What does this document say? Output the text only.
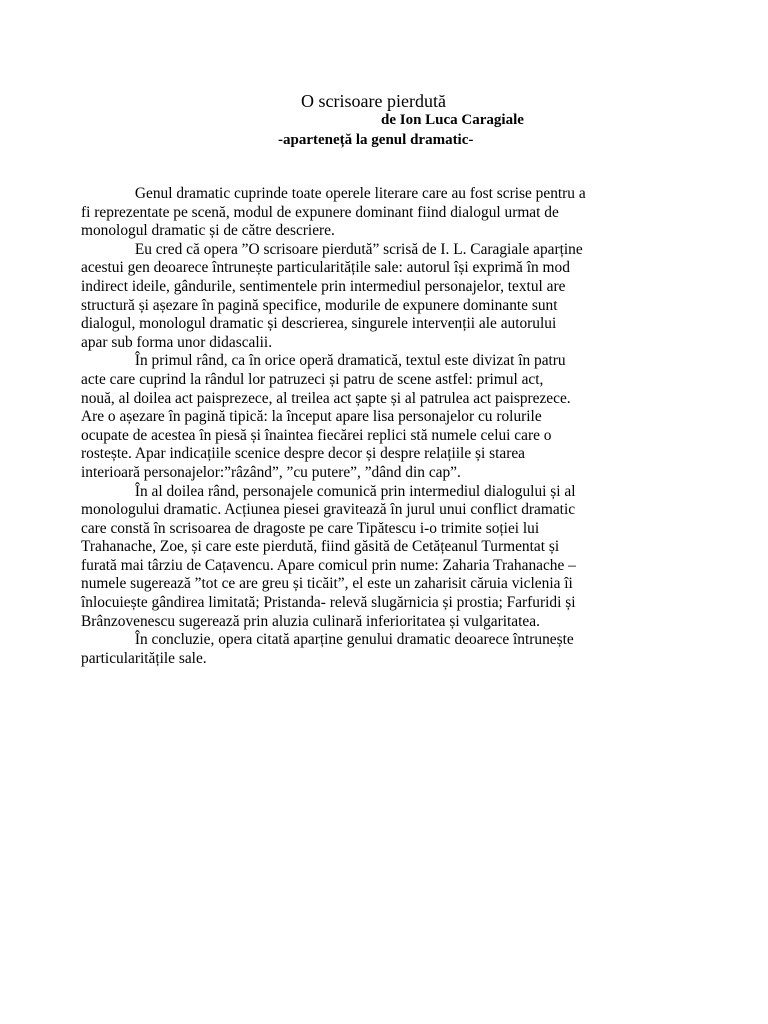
O scrisoare pierdută
de Ion Luca Caragiale
-aparteneță la genul dramatic-
Genul dramatic cuprinde toate operele literare care au fost scrise pentru a
fi reprezentate pe scenă, modul de expunere dominant fiind dialogul urmat de
monologul dramatic și de către descriere.
Eu cred că opera ”O scrisoare pierdută” scrisă de I. L. Caragiale aparține
acestui gen deoarece întrunește particularitățile sale: autorul își exprimă în mod
indirect ideile, gândurile, sentimentele prin intermediul personajelor, textul are
structură și așezare în pagină specifice, modurile de expunere dominante sunt
dialogul, monologul dramatic și descrierea, singurele intervenții ale autorului
apar sub forma unor didascalii.
În primul rând, ca în orice operă dramatică, textul este divizat în patru
acte care cuprind la rândul lor patruzeci și patru de scene astfel: primul act,
nouă, al doilea act paisprezece, al treilea act șapte și al patrulea act paisprezece.
Are o așezare în pagină tipică: la început apare lisa personajelor cu rolurile
ocupate de acestea în piesă și înaintea fiecărei replici stă numele celui care o
rostește. Apar indicațiile scenice despre decor și despre relațiile și starea
interioară personajelor:”râzând”, ”cu putere”, ”dând din cap”.
În al doilea rând, personajele comunică prin intermediul dialogului și al
monologului dramatic. Acțiunea piesei gravitează în jurul unui conflict dramatic
care constă în scrisoarea de dragoste pe care Tipătescu i-o trimite soției lui
Trahanache, Zoe, și care este pierdută, fiind găsită de Cetățeanul Turmentat și
furată mai târziu de Cațavencu. Apare comicul prin nume: Zaharia Trahanache –
numele sugerează ”tot ce are greu și ticăit”, el este un zaharisit căruia viclenia îi
înlocuiește gândirea limitată; Pristanda- relevă slugărnicia și prostia; Farfuridi și
Brânzovenescu sugerează prin aluzia culinară inferioritatea și vulgaritatea.
În concluzie, opera citată aparține genului dramatic deoarece întrunește
particularitățile sale.
